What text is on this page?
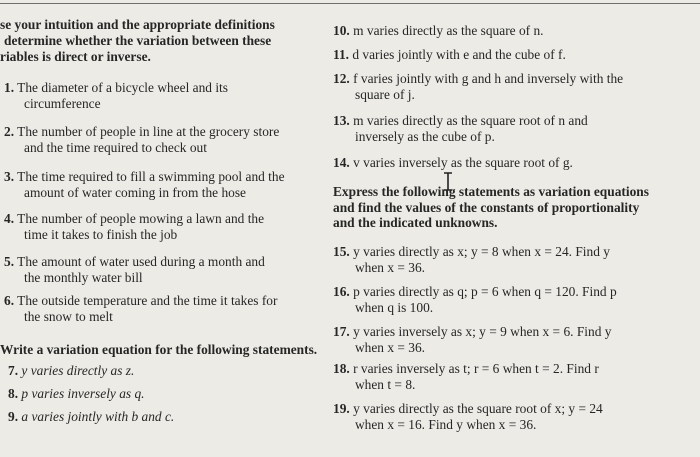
se your intuition and the appropriate definitions
determine whether the variation between these
riables is direct or inverse.
1. The diameter of a bicycle wheel and its
circumference
2. The number of people in line at the grocery store
and the time required to check out
3. The time required to fill a swimming pool and the
amount of water coming in from the hose
4. The number of people mowing a lawn and the
time it takes to finish the job
5. The amount of water used during a month and
the monthly water bill
6. The outside temperature and the time it takes for
the snow to melt
Write a variation equation for the following statements.
7. y varies directly as z.
8. p varies inversely as q.
9. a varies jointly with b and c.
10. m varies directly as the square of n.
11. d varies jointly with e and the cube of f.
12. f varies jointly with g and h and inversely with the
square of j.
13. m varies directly as the square root of n and
inversely as the cube of p.
14. v varies inversely as the square root of g.
Express the following statements as variation equations
and find the values of the constants of proportionality
and the indicated unknowns.
15. y varies directly as x; y = 8 when x = 24. Find y
when x = 36.
16. p varies directly as q; p = 6 when q = 120. Find p
when q is 100.
17. y varies inversely as x; y = 9 when x = 6. Find y
when x = 36.
18. r varies inversely as t; r = 6 when t = 2. Find r
when t = 8.
19. y varies directly as the square root of x; y = 24
when x = 16. Find y when x = 36.
